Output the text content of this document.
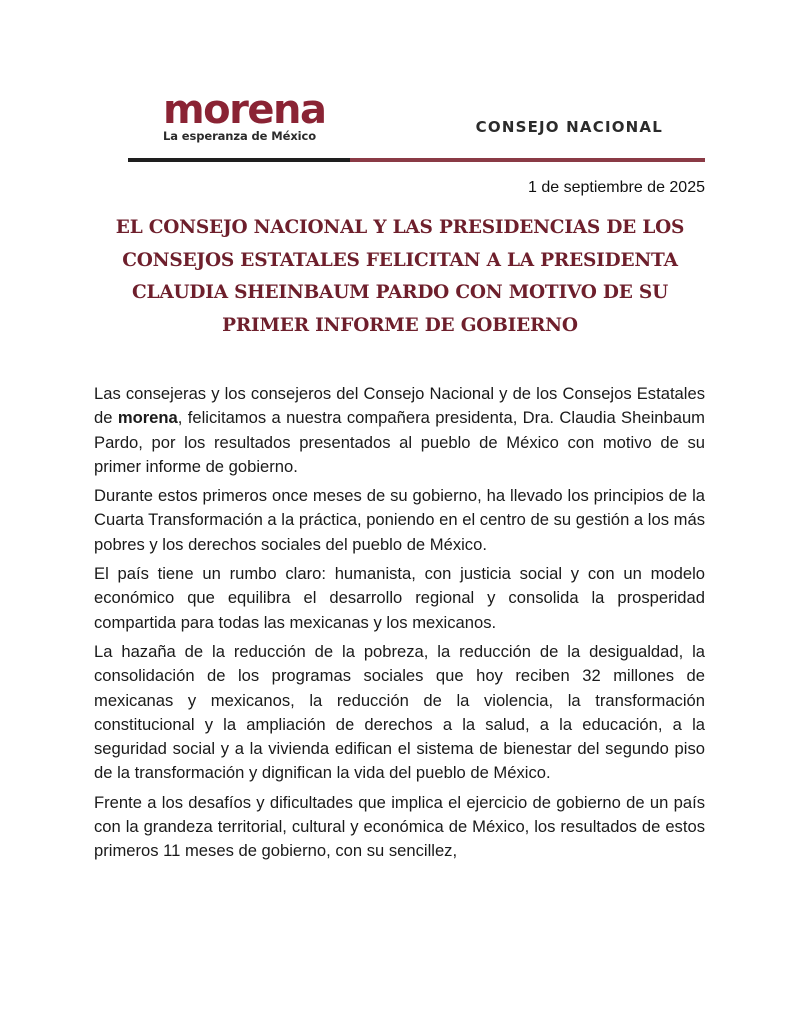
morena
La esperanza de México	CONSEJO NACIONAL
1 de septiembre de 2025
EL CONSEJO NACIONAL Y LAS PRESIDENCIAS DE LOS
CONSEJOS ESTATALES FELICITAN A LA PRESIDENTA
CLAUDIA SHEINBAUM PARDO CON MOTIVO DE SU
PRIMER INFORME DE GOBIERNO

Las consejeras y los consejeros del Consejo Nacional y de los Consejos Estatales de morena, felicitamos a nuestra compañera presidenta, Dra. Claudia Sheinbaum Pardo, por los resultados presentados al pueblo de México con motivo de su primer informe de gobierno.

Durante estos primeros once meses de su gobierno, ha llevado los principios de la Cuarta Transformación a la práctica, poniendo en el centro de su gestión a los más pobres y los derechos sociales del pueblo de México.

El país tiene un rumbo claro: humanista, con justicia social y con un modelo económico que equilibra el desarrollo regional y consolida la prosperidad compartida para todas las mexicanas y los mexicanos.

La hazaña de la reducción de la pobreza, la reducción de la desigualdad, la consolidación de los programas sociales que hoy reciben 32 millones de mexicanas y mexicanos, la reducción de la violencia, la transformación constitucional y la ampliación de derechos a la salud, a la educación, a la seguridad social y a la vivienda edifican el sistema de bienestar del segundo piso de la transformación y dignifican la vida del pueblo de México.

Frente a los desafíos y dificultades que implica el ejercicio de gobierno de un país con la grandeza territorial, cultural y económica de México, los resultados de estos primeros 11 meses de gobierno, con su sencillez,
